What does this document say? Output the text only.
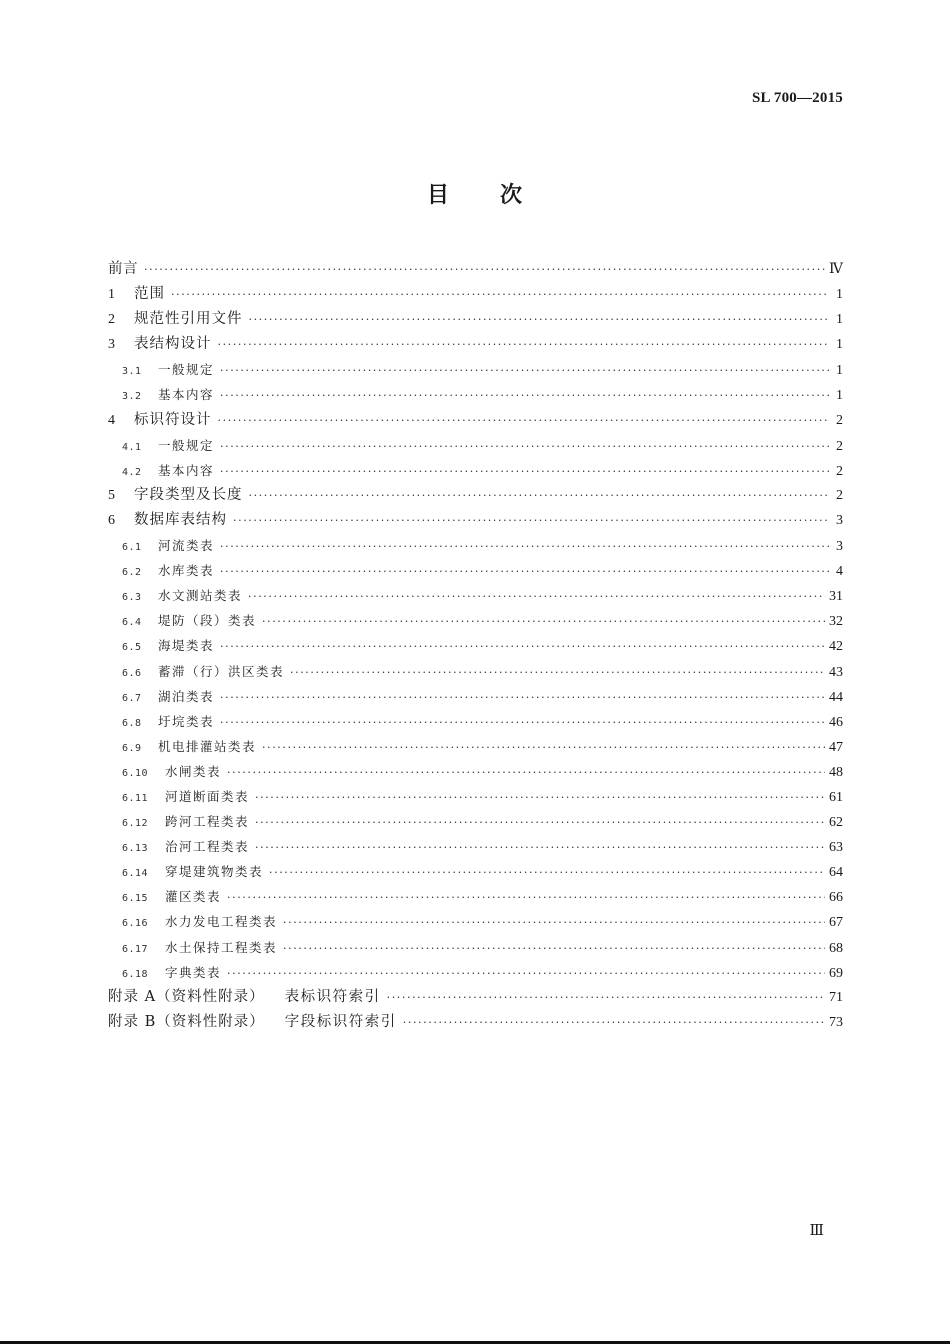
SL 700—2015
目 次
前言 ·····	Ⅳ
1	范围 ·····	1
2	规范性引用文件 ·····	1
3	表结构设计 ·····	1
3.1	一般规定 ·····	1
3.2	基本内容 ·····	1
4	标识符设计 ·····	2
4.1	一般规定 ·····	2
4.2	基本内容 ·····	2
5	字段类型及长度 ·····	2
6	数据库表结构 ·····	3
6.1	河流类表 ·····	3
6.2	水库类表 ·····	4
6.3	水文测站类表 ·····	31
6.4	堤防（段）类表 ·····	32
6.5	海堤类表 ·····	42
6.6	蓄滞（行）洪区类表 ·····	43
6.7	湖泊类表 ·····	44
6.8	圩垸类表 ·····	46
6.9	机电排灌站类表 ·····	47
6.10	水闸类表 ·····	48
6.11	河道断面类表 ·····	61
6.12	跨河工程类表 ·····	62
6.13	治河工程类表 ·····	63
6.14	穿堤建筑物类表 ·····	64
6.15	灌区类表 ·····	66
6.16	水力发电工程类表 ·····	67
6.17	水土保持工程类表 ·····	68
6.18	字典类表 ·····	69
附录 A（资料性附录） 表标识符索引 ·····	71
附录 B（资料性附录） 字段标识符索引 ·····	73
Ⅲ
